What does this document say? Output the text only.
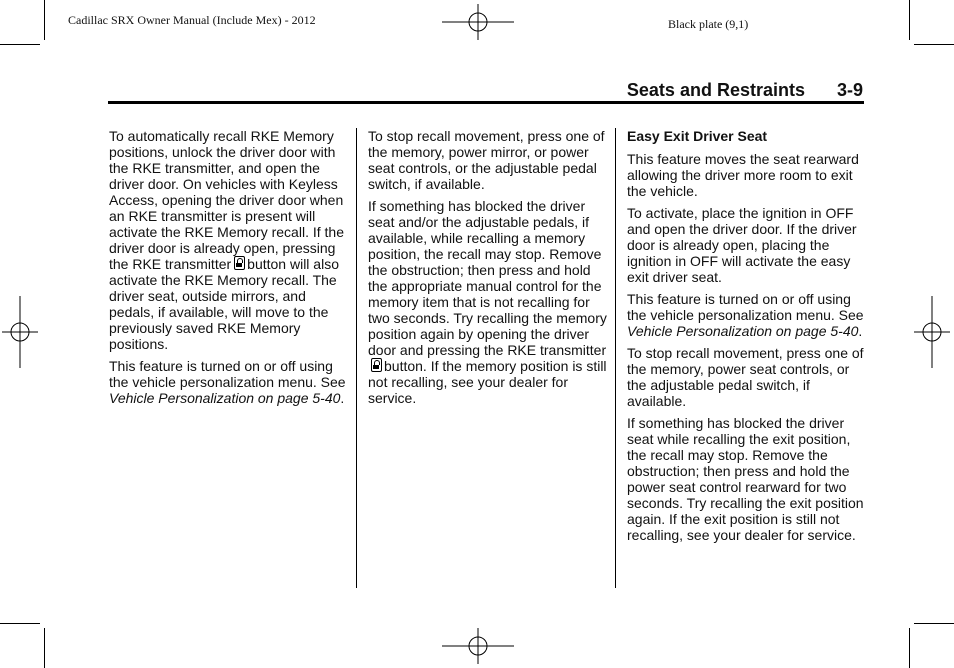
Cadillac SRX Owner Manual (Include Mex) - 2012	Black plate (9,1)
Seats and Restraints 3-9

To automatically recall RKE Memory positions, unlock the driver door with the RKE transmitter, and open the driver door. On vehicles with Keyless Access, opening the driver door when an RKE transmitter is present will activate the RKE Memory recall. If the driver door is already open, pressing the RKE transmitter button will also activate the RKE Memory recall. The driver seat, outside mirrors, and pedals, if available, will move to the previously saved RKE Memory positions.

This feature is turned on or off using the vehicle personalization menu. See Vehicle Personalization on page 5-40.

To stop recall movement, press one of the memory, power mirror, or power seat controls, or the adjustable pedal switch, if available.

If something has blocked the driver seat and/or the adjustable pedals, if available, while recalling a memory position, the recall may stop. Remove the obstruction; then press and hold the appropriate manual control for the memory item that is not recalling for two seconds. Try recalling the memory position again by opening the driver door and pressing the RKE transmitterbutton. If the memory position is still not recalling, see your dealer for service.

Easy Exit Driver Seat

This feature moves the seat rearward allowing the driver more room to exit the vehicle.

To activate, place the ignition in OFF and open the driver door. If the driver door is already open, placing the ignition in OFF will activate the easy exit driver seat.

This feature is turned on or off using the vehicle personalization menu. See Vehicle Personalization on page 5-40.

To stop recall movement, press one of the memory, power seat controls, or the adjustable pedal switch, if available.

If something has blocked the driver seat while recalling the exit position, the recall may stop. Remove the obstruction; then press and hold the power seat control rearward for two seconds. Try recalling the exit position again. If the exit position is still not recalling, see your dealer for service.
